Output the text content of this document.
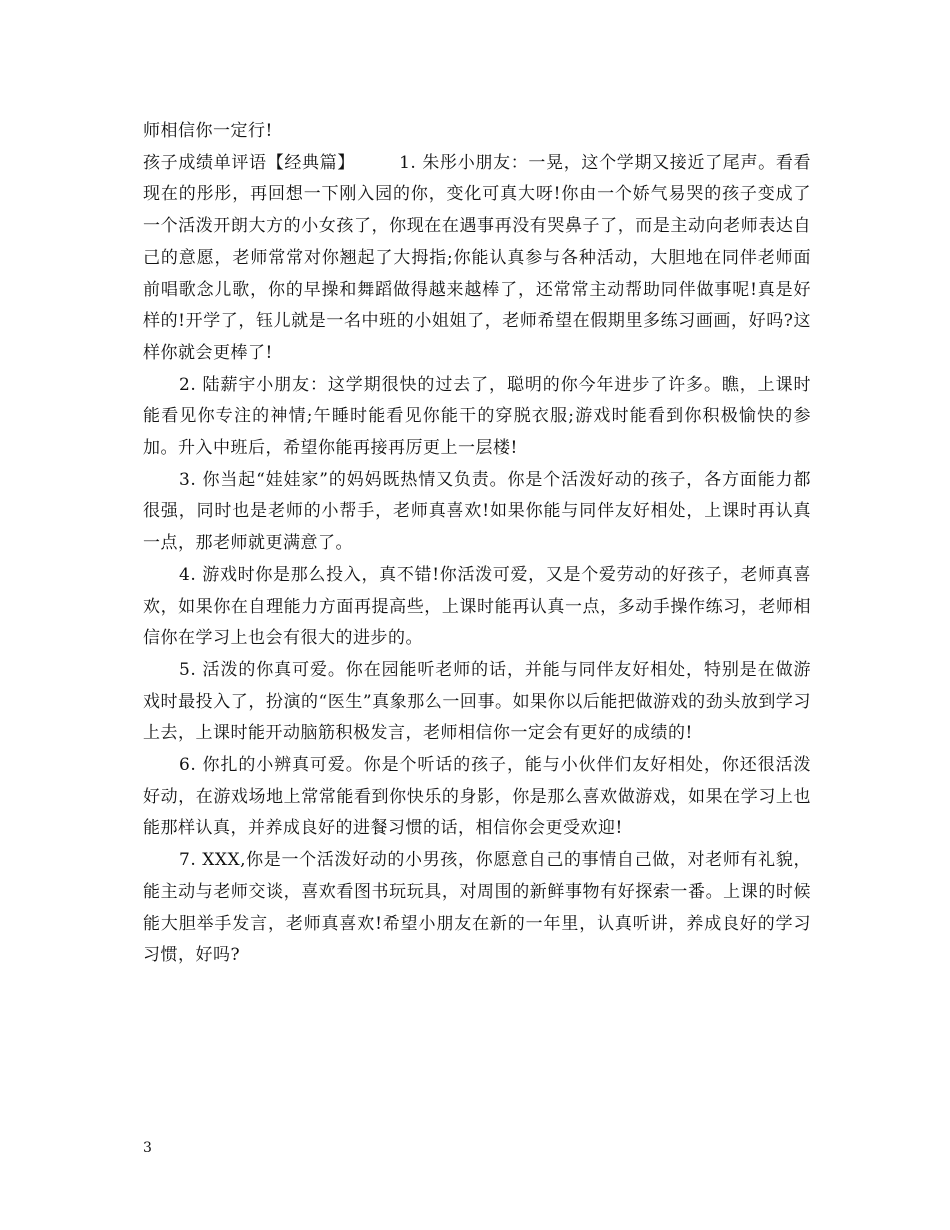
师相信你一定行!

孩子成绩单评语【经典篇】	1. 朱彤小朋友：一晃，这个学期又接近了尾声。看看现在的彤彤，再回想一下刚入园的你，变化可真大呀!你由一个娇气易哭的孩子变成了一个活泼开朗大方的小女孩了，你现在在遇事再没有哭鼻子了，而是主动向老师表达自己的意愿，老师常常对你翘起了大拇指;你能认真参与各种活动，大胆地在同伴老师面前唱歌念儿歌，你的早操和舞蹈做得越来越棒了，还常常主动帮助同伴做事呢!真是好样的!开学了，钰儿就是一名中班的小姐姐了，老师希望在假期里多练习画画，好吗?这样你就会更棒了!

2. 陆薪宇小朋友：这学期很快的过去了，聪明的你今年进步了许多。瞧，上课时能看见你专注的神情;午睡时能看见你能干的穿脱衣服;游戏时能看到你积极愉快的参加。升入中班后，希望你能再接再厉更上一层楼!

3. 你当起“娃娃家”的妈妈既热情又负责。你是个活泼好动的孩子，各方面能力都很强，同时也是老师的小帮手，老师真喜欢!如果你能与同伴友好相处，上课时再认真一点，那老师就更满意了。

4. 游戏时你是那么投入，真不错!你活泼可爱，又是个爱劳动的好孩子，老师真喜欢，如果你在自理能力方面再提高些，上课时能再认真一点，多动手操作练习，老师相信你在学习上也会有很大的进步的。

5. 活泼的你真可爱。你在园能听老师的话，并能与同伴友好相处，特别是在做游戏时最投入了，扮演的“医生”真象那么一回事。如果你以后能把做游戏的劲头放到学习上去，上课时能开动脑筋积极发言，老师相信你一定会有更好的成绩的!

6. 你扎的小辨真可爱。你是个听话的孩子，能与小伙伴们友好相处，你还很活泼好动，在游戏场地上常常能看到你快乐的身影，你是那么喜欢做游戏，如果在学习上也能那样认真，并养成良好的进餐习惯的话，相信你会更受欢迎!

7. XXX,你是一个活泼好动的小男孩，你愿意自己的事情自己做，对老师有礼貌，能主动与老师交谈，喜欢看图书玩玩具，对周围的新鲜事物有好探索一番。上课的时候能大胆举手发言，老师真喜欢!希望小朋友在新的一年里，认真听讲，养成良好的学习习惯，好吗?

3
